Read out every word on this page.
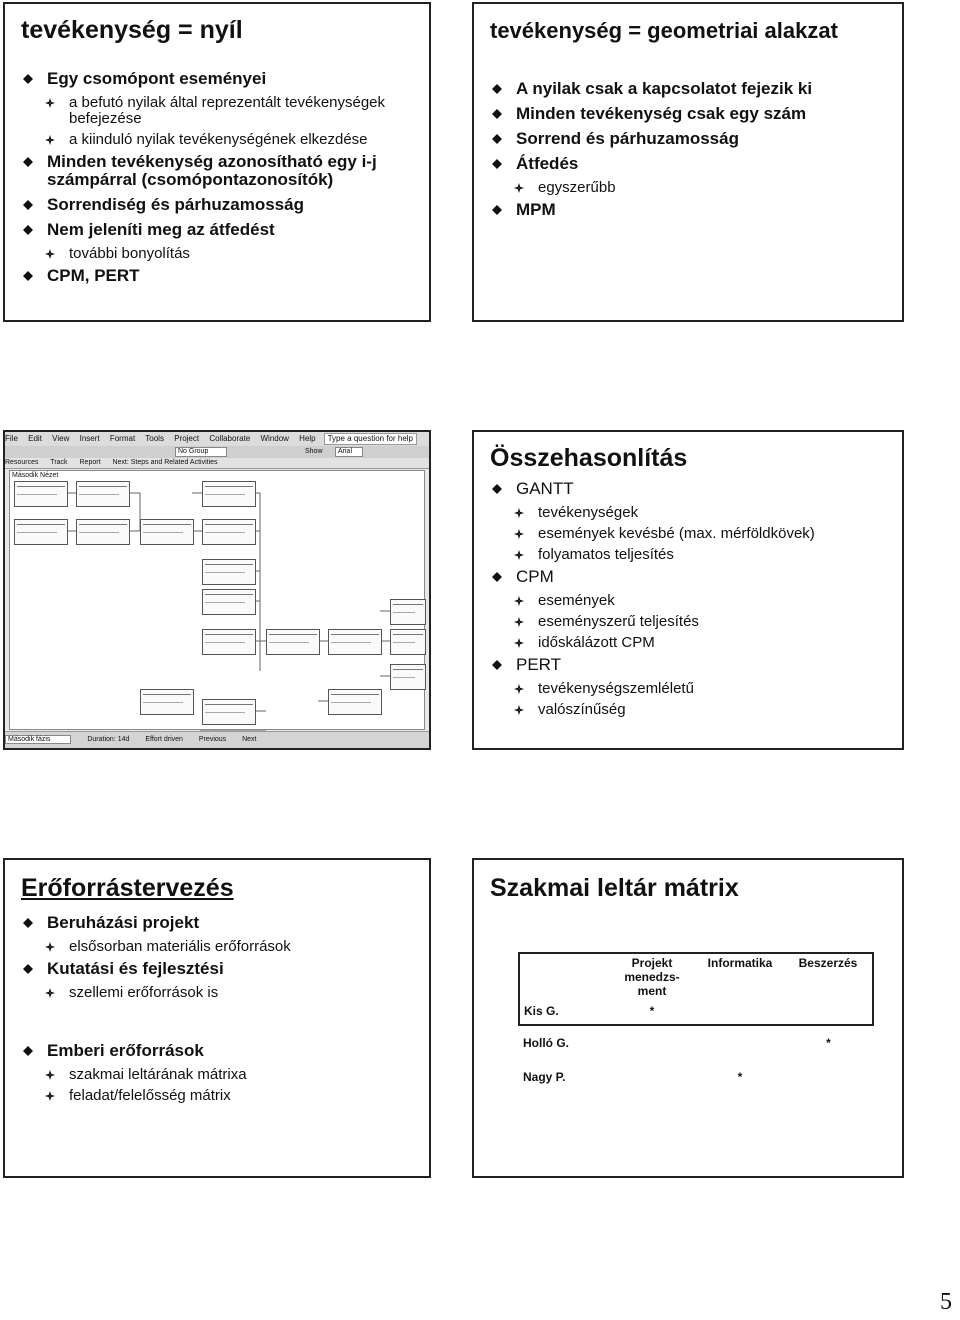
tevékenység = nyíl
Egy csomópont eseményei
a befutó nyilak által reprezentált tevékenységek befejezése
a kiinduló nyilak tevékenységének elkezdése
Minden tevékenység azonosítható egy i-j számpárral (csomópontazonosítók)
Sorrendiség és párhuzamosság
Nem jeleníti meg az átfedést
további bonyolítás
CPM, PERT
tevékenység = geometriai alakzat
A nyilak csak a kapcsolatot fejezik ki
Minden tevékenység csak egy szám
Sorrend és párhuzamosság
Átfedés
egyszerűbb
MPM
File Edit View Insert Format Tools Project Collaborate Window Help	Type a question for help
No Group	Show	Arial
Resources Track Report Next: Steps and Related Activities
Második Nézet
Második fázis	Duration: 14d Effort driven Previous Next
Összehasonlítás
GANTT
tevékenységek
események kevésbé (max. mérföldkövek)
folyamatos teljesítés
CPM
események
eseményszerű teljesítés
időskálázott CPM
PERT
tevékenységszemléletű
valószínűség
Erőforrástervezés
Beruházási projekt
elsősorban materiális erőforrások
Kutatási és fejlesztési
szellemi erőforrások is
Emberi erőforrások
szakmai leltárának mátrixa
feladat/felelősség mátrix
Szakmai leltár mátrix
	Projekt menedzs-ment	Informatika	Beszerzés
Kis G.	*		
Holló G.			*
Nagy P.		*	
5
